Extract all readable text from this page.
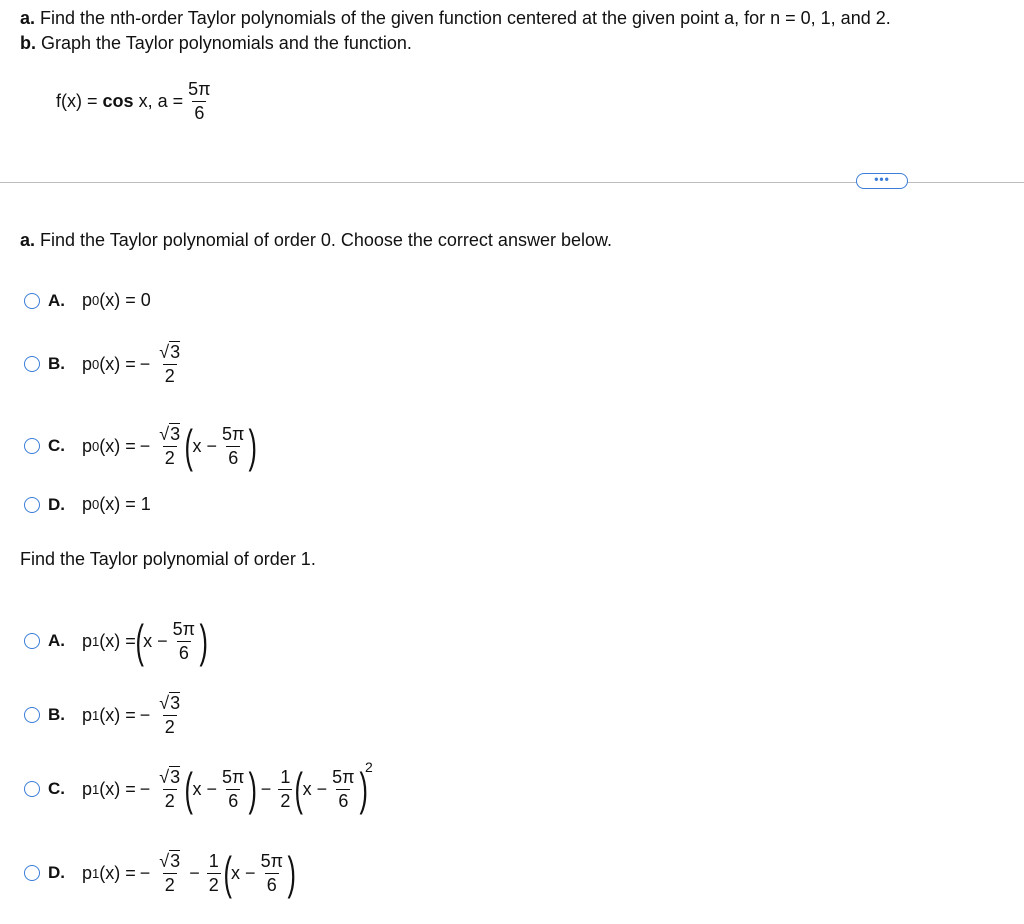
a. Find the nth-order Taylor polynomials of the given function centered at the given point a, for n = 0, 1, and 2.
b. Graph the Taylor polynomials and the function.
f(x) =
cos
x, $a = \frac{5\pi}{6}$
•••
a. Find the Taylor polynomial of order 0. Choose the correct answer below.
A. p 0 (x) =
0
B. p 0 (x) = − $\frac{√3}{2}$
C. p 0 (x) = − $\frac{√3}{2}$ ( $x - \frac{5\pi}{6}$ )
D. p 0 (x) =
1
Find the Taylor polynomial of order 1.
A. p 1 (x) = ( $x - \frac{5\pi}{6}$ )
B. p 1 (x) = − $\frac{√3}{2}$
C. p 1 (x) = − $\frac{√3}{2}$ ( $x - \frac{5\pi}{6}$ ) − $\frac{1}{2}$ ( $x - \frac{5\pi}{6}$ )
2
D. p 1 (x) = − $\frac{√3}{2} - \frac{1}{2}$ ( $x - \frac{5\pi}{6}$ )
